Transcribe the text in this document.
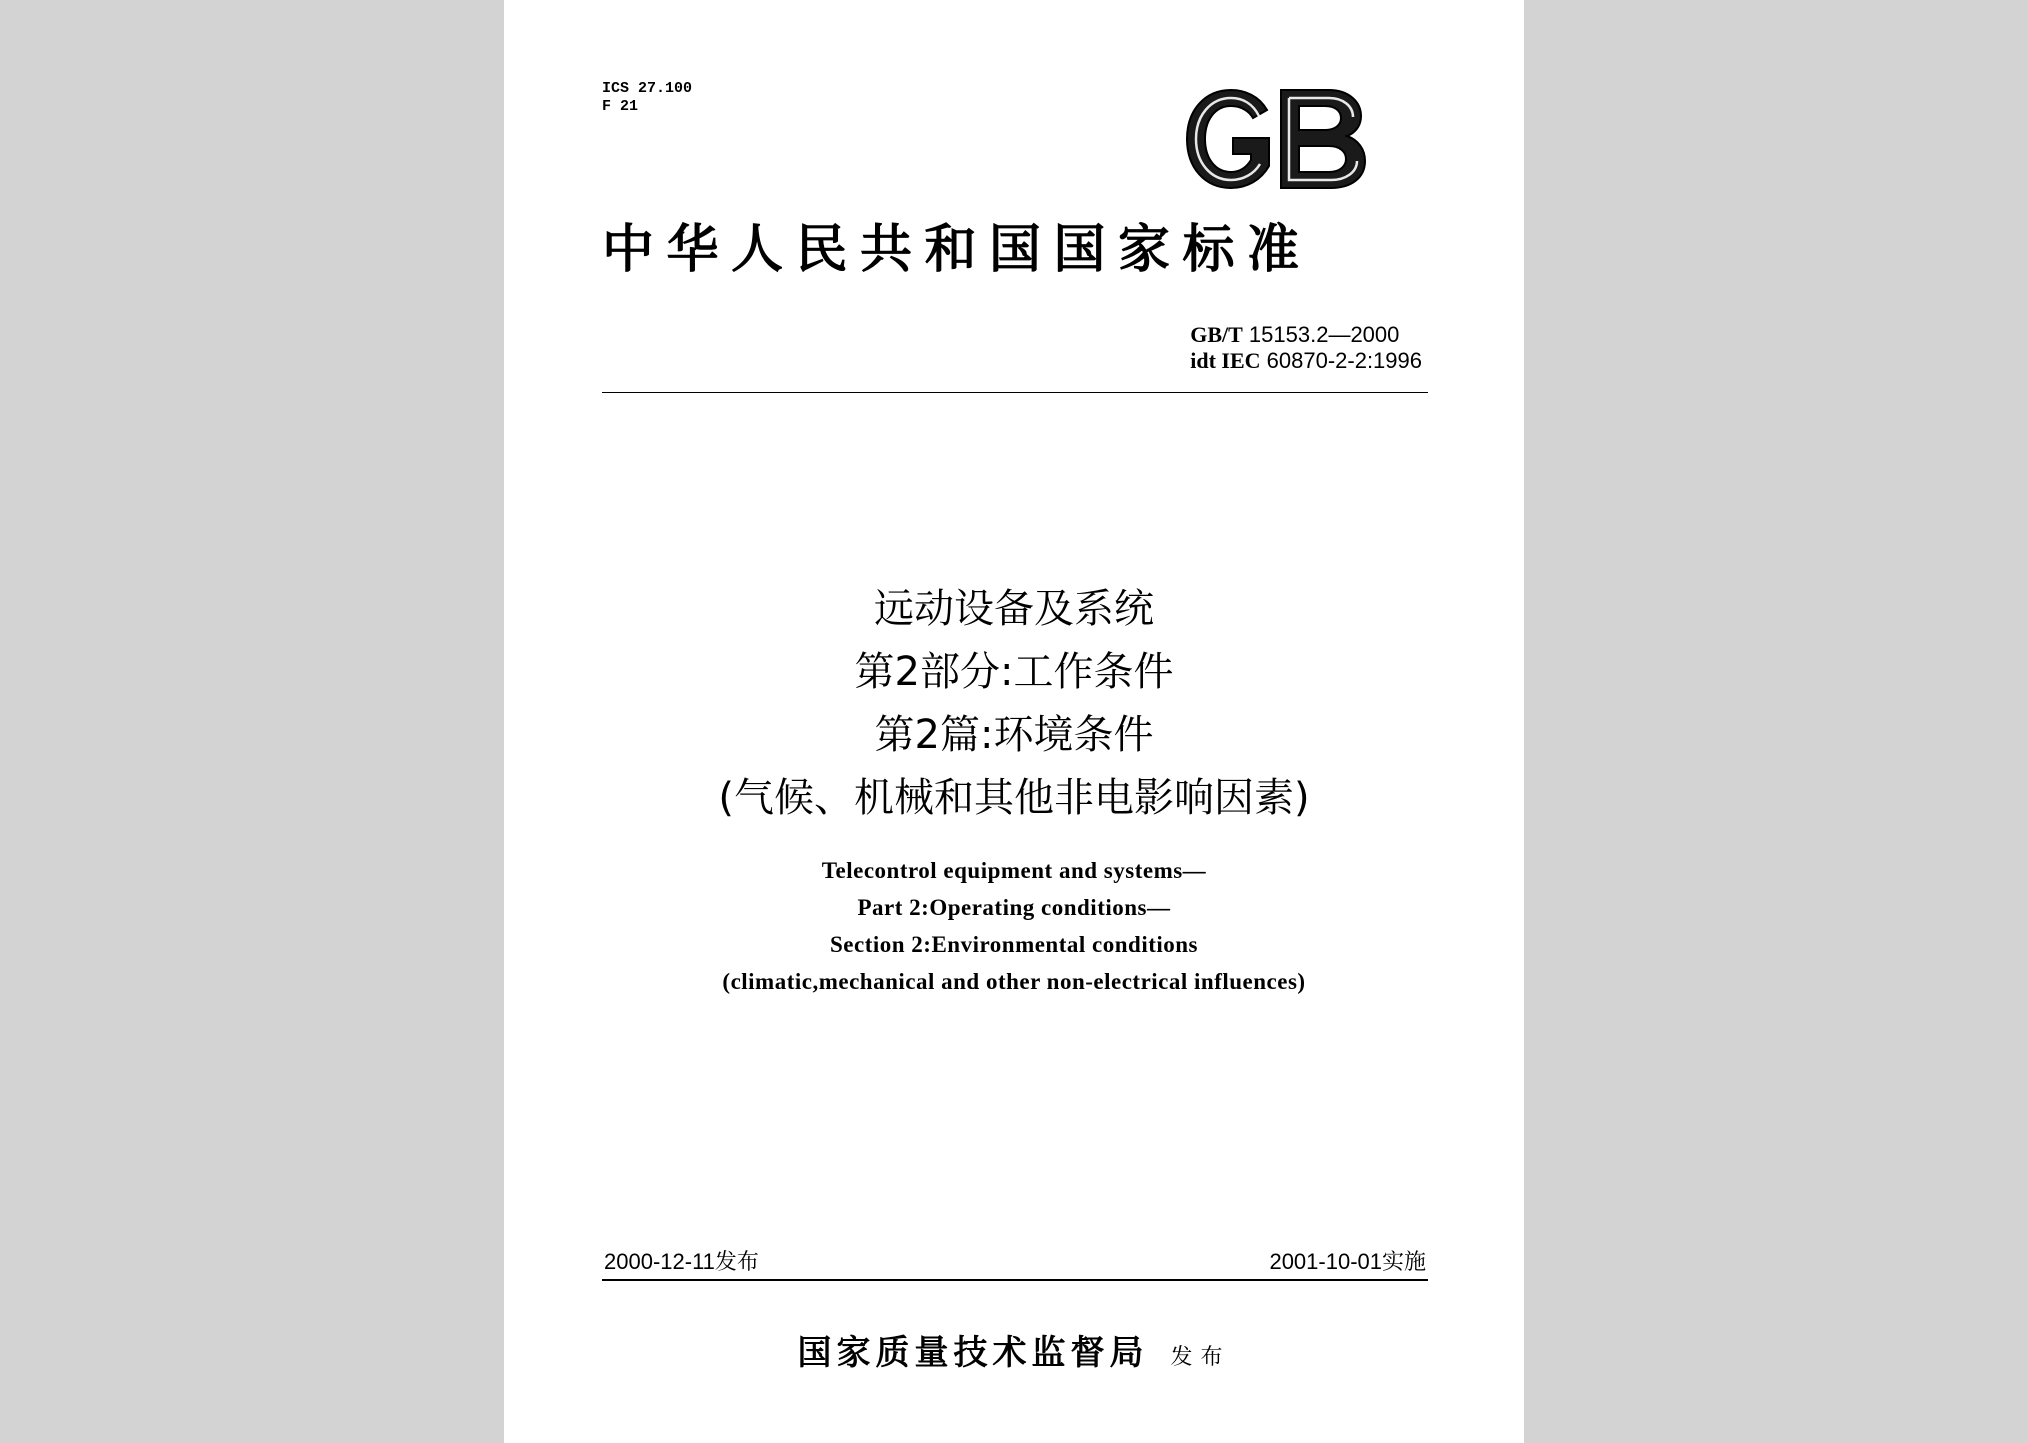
ICS 27.100
F 21
中华人民共和国国家标准
GB/T 15153.2—2000
idt IEC 60870-2-2:1996
远动设备及系统
第2部分:工作条件
第2篇:环境条件
(气候、机械和其他非电影响因素)
Telecontrol equipment and systems—
Part 2:Operating conditions—
Section 2:Environmental conditions
(climatic,mechanical and other non-electrical influences)
2000-12-11发布	2001-10-01实施
国家质量技术监督局 发布
